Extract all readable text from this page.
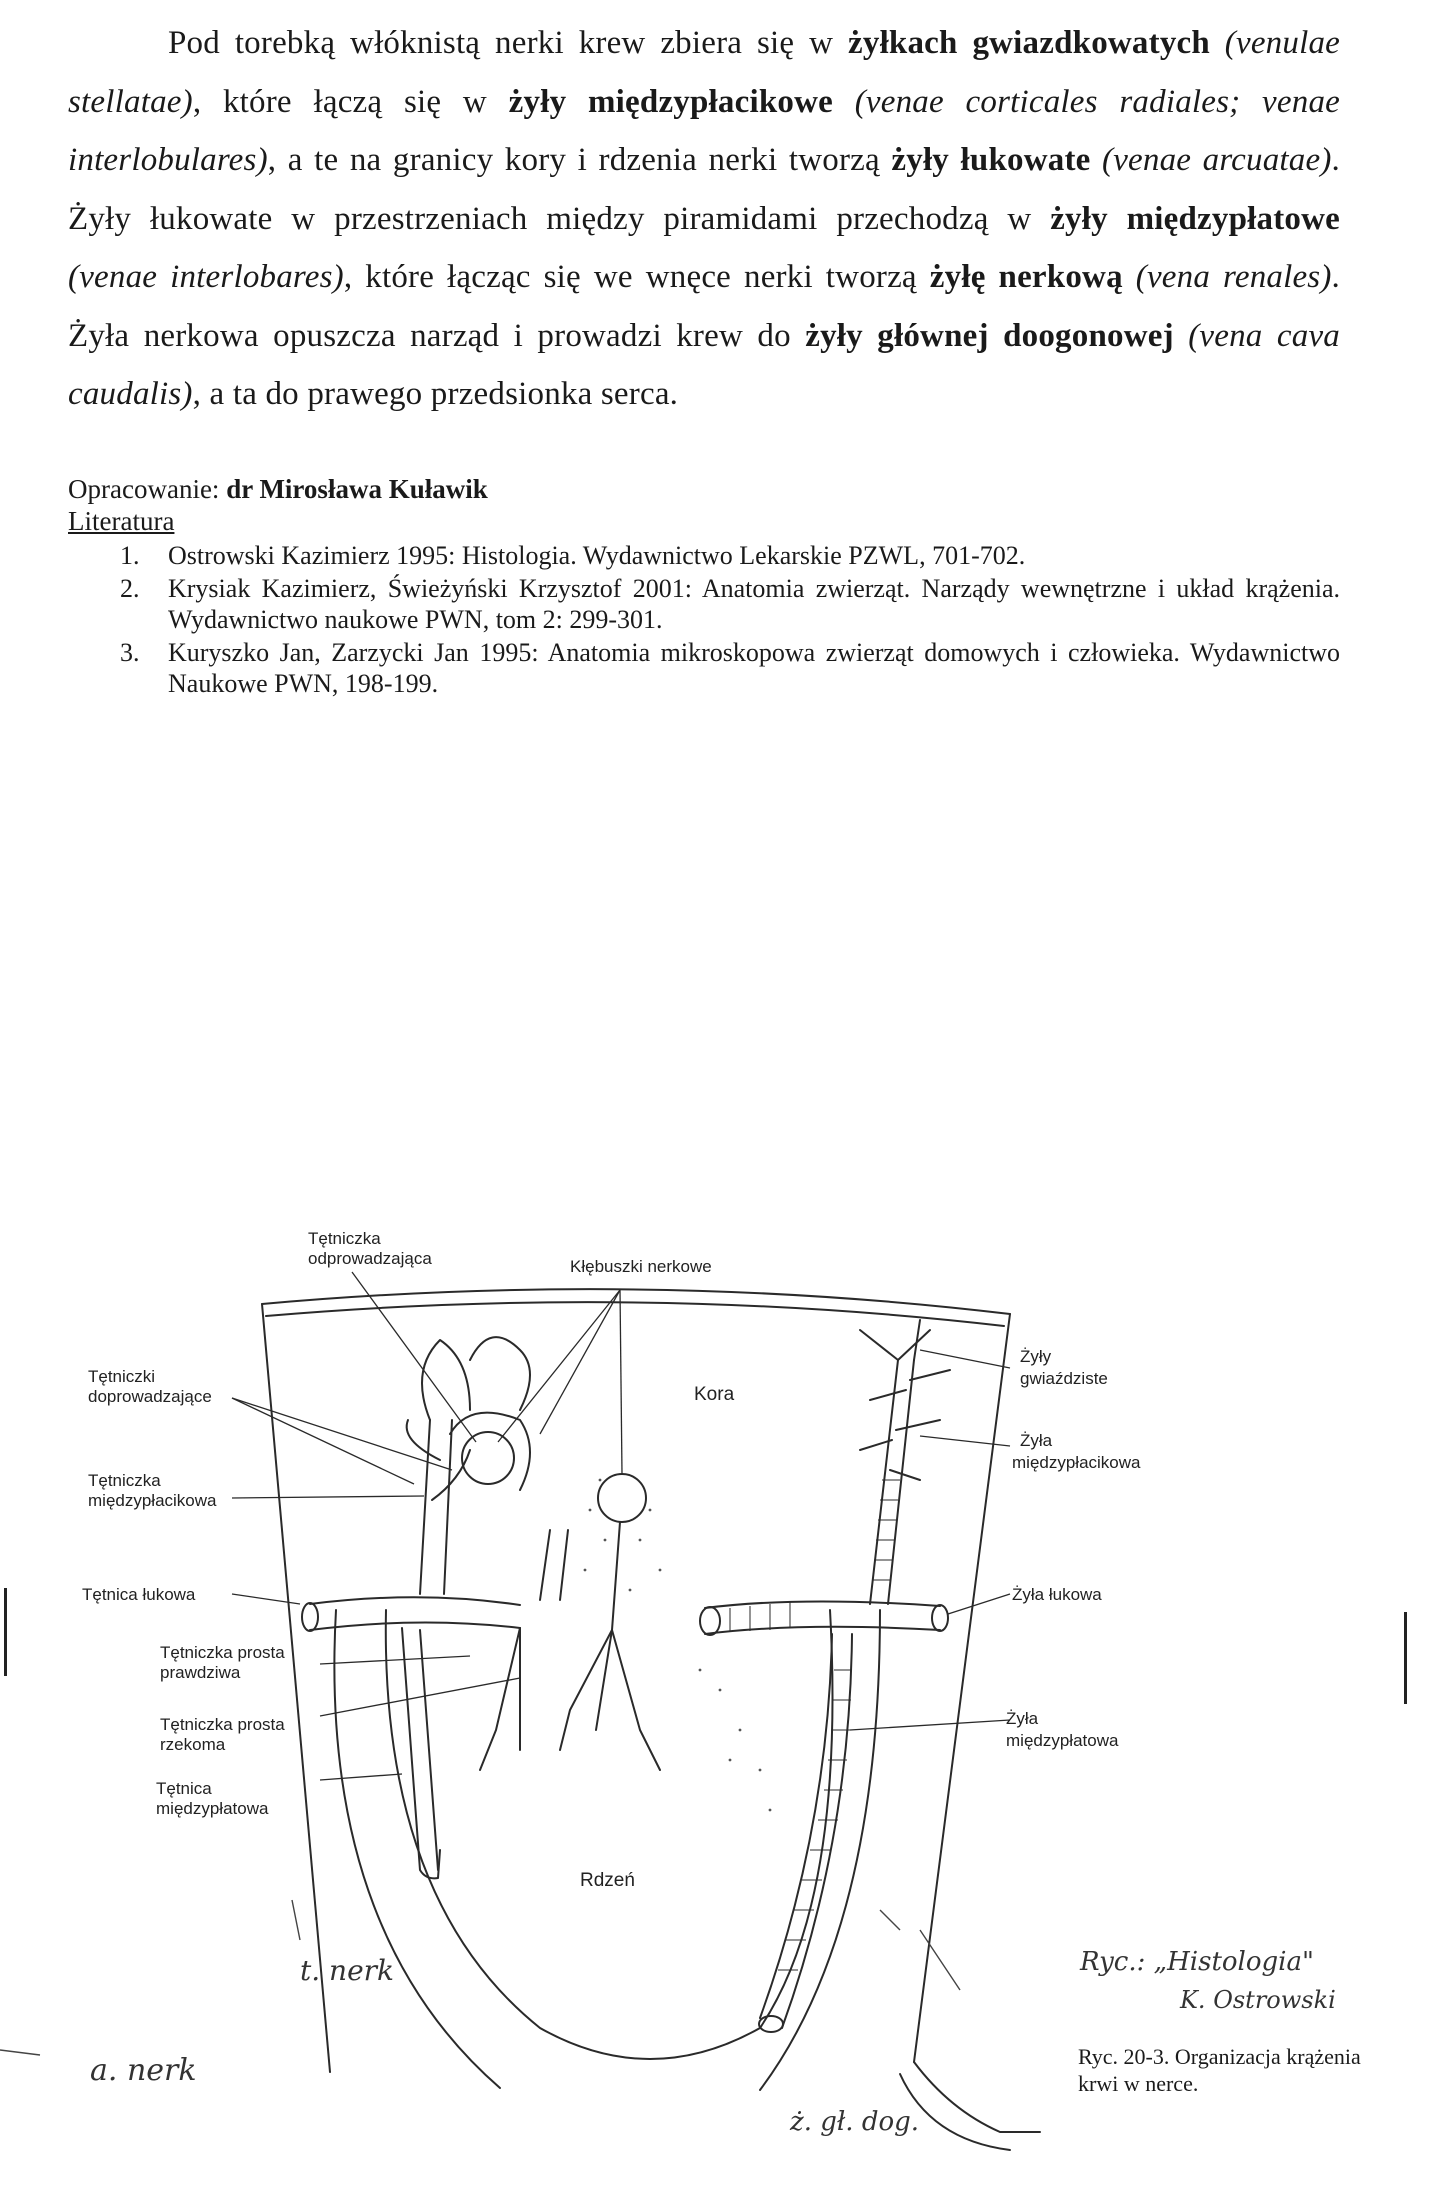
Pod torebką włóknistą nerki krew zbiera się w żyłkach gwiazdkowatych (venulae stellatae), które łączą się w żyły międzypłacikowe (venae corticales radiales; venae interlobulares), a te na granicy kory i rdzenia nerki tworzą żyły łukowate (venae arcuatae). Żyły łukowate w przestrzeniach między piramidami przechodzą w żyły międzypłatowe (venae interlobares), które łącząc się we wnęce nerki tworzą żyłę nerkową (vena renales). Żyła nerkowa opuszcza narząd i prowadzi krew do żyły głównej doogonowej (vena cava caudalis), a ta do prawego przedsionka serca.
Opracowanie: dr Mirosława Kuławik
Literatura
1. Ostrowski Kazimierz 1995: Histologia. Wydawnictwo Lekarskie PZWL, 701-702.
2. Krysiak Kazimierz, Świeżyński Krzysztof 2001: Anatomia zwierząt. Narządy wewnętrzne i układ krążenia. Wydawnictwo naukowe PWN, tom 2: 299-301.
3. Kuryszko Jan, Zarzycki Jan 1995: Anatomia mikroskopowa zwierząt domowych i człowieka. Wydawnictwo Naukowe PWN, 198-199.
Tętniczka
odprowadzająca	Kłębuszki nerkowe
Tętniczki
doprowadzające
Tętniczka
międzypłacikowa
Tętnica łukowa
Tętniczka prosta
prawdziwa
Tętniczka prosta
rzekoma
Tętnica
międzypłatowa
Kora
Rdzeń
Żyły
gwiaździste
Żyła
międzypłacikowa
Żyła łukowa
Żyła
międzypłatowa
Ryc.: „Histologia"
K. Ostrowski
t. nerk
a. nerk
ż. gł. dog.
Ryc. 20-3. Organizacja krążenia
krwi w nerce.
